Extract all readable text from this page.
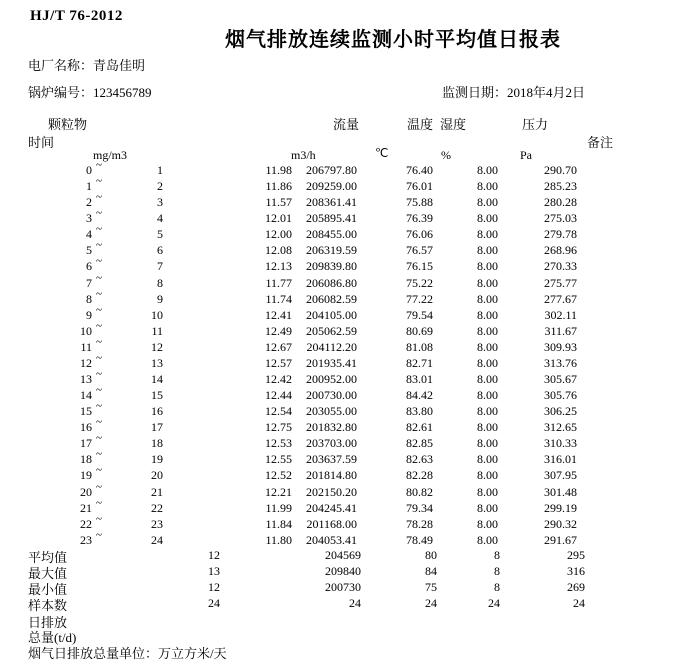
HJ/T 76-2012
烟气排放连续监测小时平均值日报表
电厂名称：青岛佳明
锅炉编号：123456789	监测日期：2018年4月2日
颗粒物
时间
流量	温度 湿度	压力
备注
mg/m3	m3/h	℃	%	Pa
0 ~	1	11.98	206797.80	76.40	8.00	290.70
1 ~	2	11.86	209259.00	76.01	8.00	285.23
2 ~	3	11.57	208361.41	75.88	8.00	280.28
3 ~	4	12.01	205895.41	76.39	8.00	275.03
4 ~	5	12.00	208455.00	76.06	8.00	279.78
5 ~	6	12.08	206319.59	76.57	8.00	268.96
6 ~	7	12.13	209839.80	76.15	8.00	270.33
7 ~	8	11.77	206086.80	75.22	8.00	275.77
8 ~	9	11.74	206082.59	77.22	8.00	277.67
9 ~	10	12.41	204105.00	79.54	8.00	302.11
10 ~	11	12.49	205062.59	80.69	8.00	311.67
11 ~	12	12.67	204112.20	81.08	8.00	309.93
12 ~	13	12.57	201935.41	82.71	8.00	313.76
13 ~	14	12.42	200952.00	83.01	8.00	305.67
14 ~	15	12.44	200730.00	84.42	8.00	305.76
15 ~	16	12.54	203055.00	83.80	8.00	306.25
16 ~	17	12.75	201832.80	82.61	8.00	312.65
17 ~	18	12.53	203703.00	82.85	8.00	310.33
18 ~	19	12.55	203637.59	82.63	8.00	316.01
19 ~	20	12.52	201814.80	82.28	8.00	307.95
20 ~	21	12.21	202150.20	80.82	8.00	301.48
21 ~	22	11.99	204245.41	79.34	8.00	299.19
22 ~	23	11.84	201168.00	78.28	8.00	290.32
23 ~	24	11.80	204053.41	78.49	8.00	291.67
平均值	12	204569	80	8	295
最大值	13	209840	84	8	316
最小值	12	200730	75	8	269
样本数	24	24	24	24	24
日排放
总量(t/d)
烟气日排放总量单位：万立方米/天
